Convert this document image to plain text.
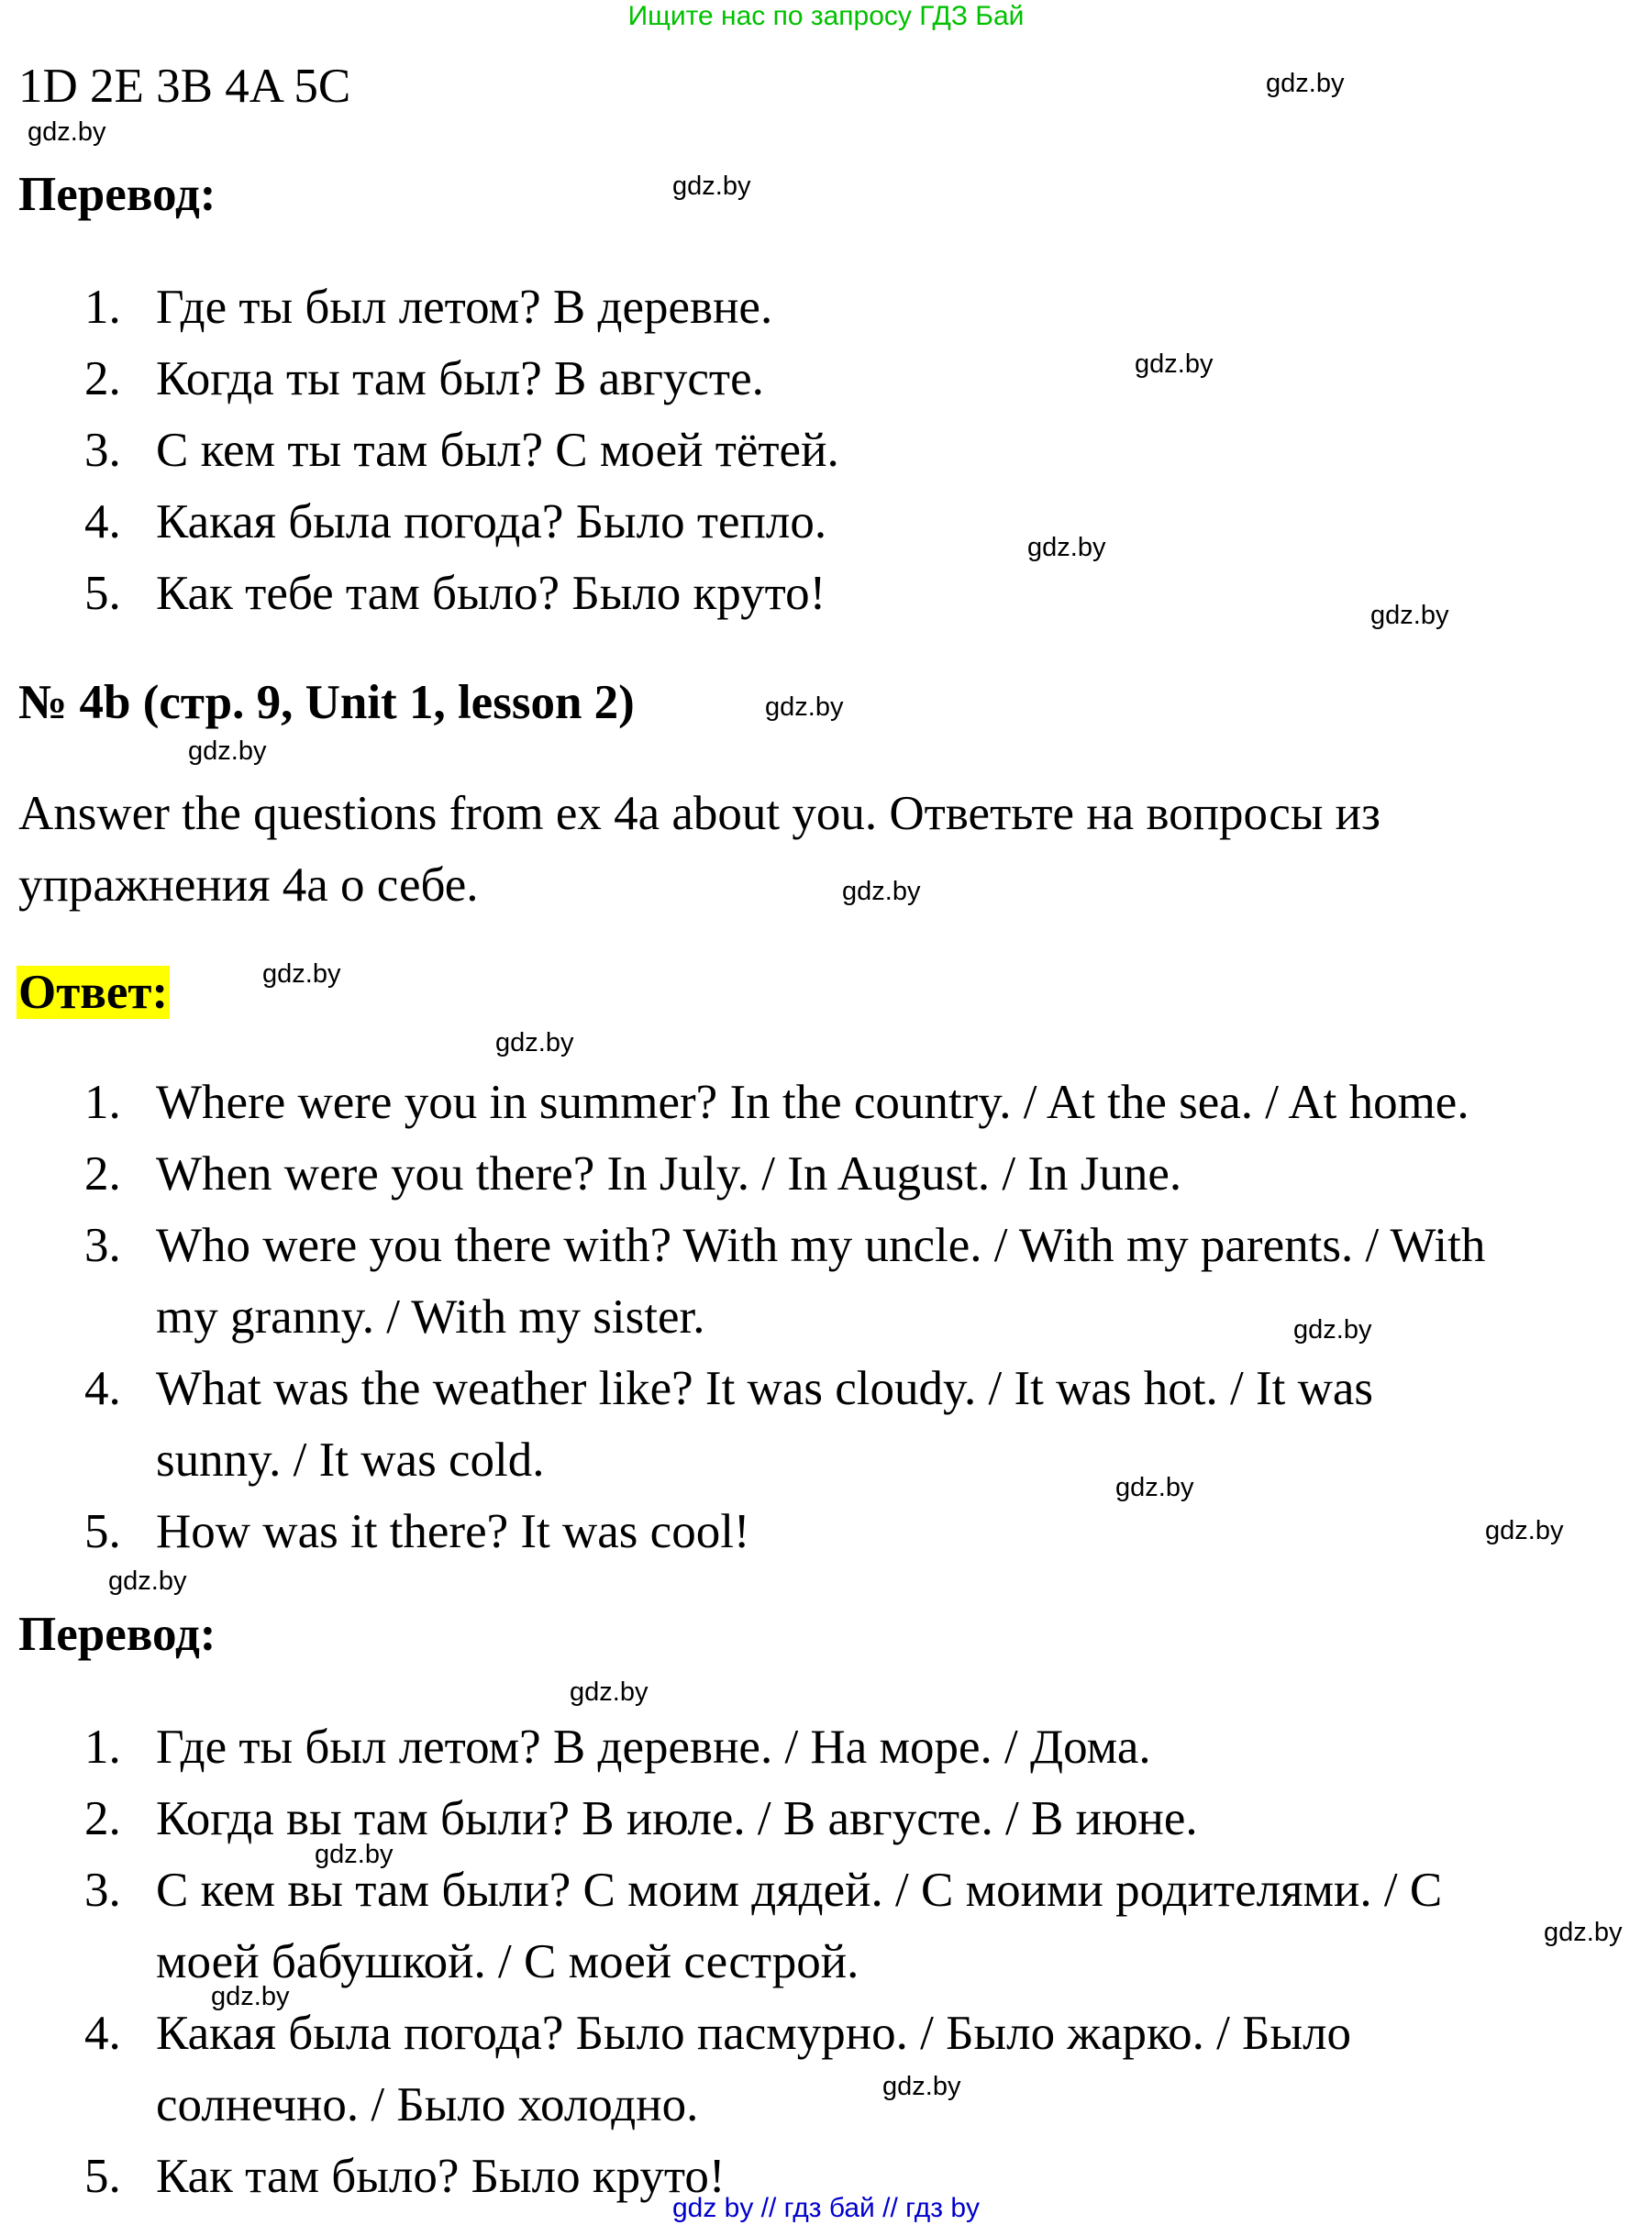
Ищите нас по запросу ГДЗ Бай
1D 2E 3B 4A 5C
Перевод:
1. Где ты был летом? В деревне.
2. Когда ты там был? В августе.
3. С кем ты там был? С моей тётей.
4. Какая была погода? Было тепло.
5. Как тебе там было? Было круто!
№ 4b (стр. 9, Unit 1, lesson 2)
Answer the questions from ex 4a about you. Ответьте на вопросы из
упражнения 4а о себе.
Ответ:
1. Where were you in summer? In the country. / At the sea. / At home.
2. When were you there? In July. / In August. / In June.
3. Who were you there with? With my uncle. / With my parents. / With
my granny. / With my sister.
4. What was the weather like? It was cloudy. / It was hot. / It was
sunny. / It was cold.
5. How was it there? It was cool!
Перевод:
1. Где ты был летом? В деревне. / На море. / Дома.
2. Когда вы там были? В июле. / В августе. / В июне.
3. С кем вы там были? С моим дядей. / С моими родителями. / С
моей бабушкой. / С моей сестрой.
4. Какая была погода? Было пасмурно. / Было жарко. / Было
солнечно. / Было холодно.
5. Как там было? Было круто!
gdz.by
gdz.by
gdz.by
gdz.by
gdz.by
gdz.by
gdz.by
gdz.by
gdz.by
gdz.by
gdz.by
gdz.by
gdz.by
gdz.by
gdz.by
gdz.by
gdz.by
gdz.by
gdz.by
gdz.by
gdz by // гдз бай // гдз by
